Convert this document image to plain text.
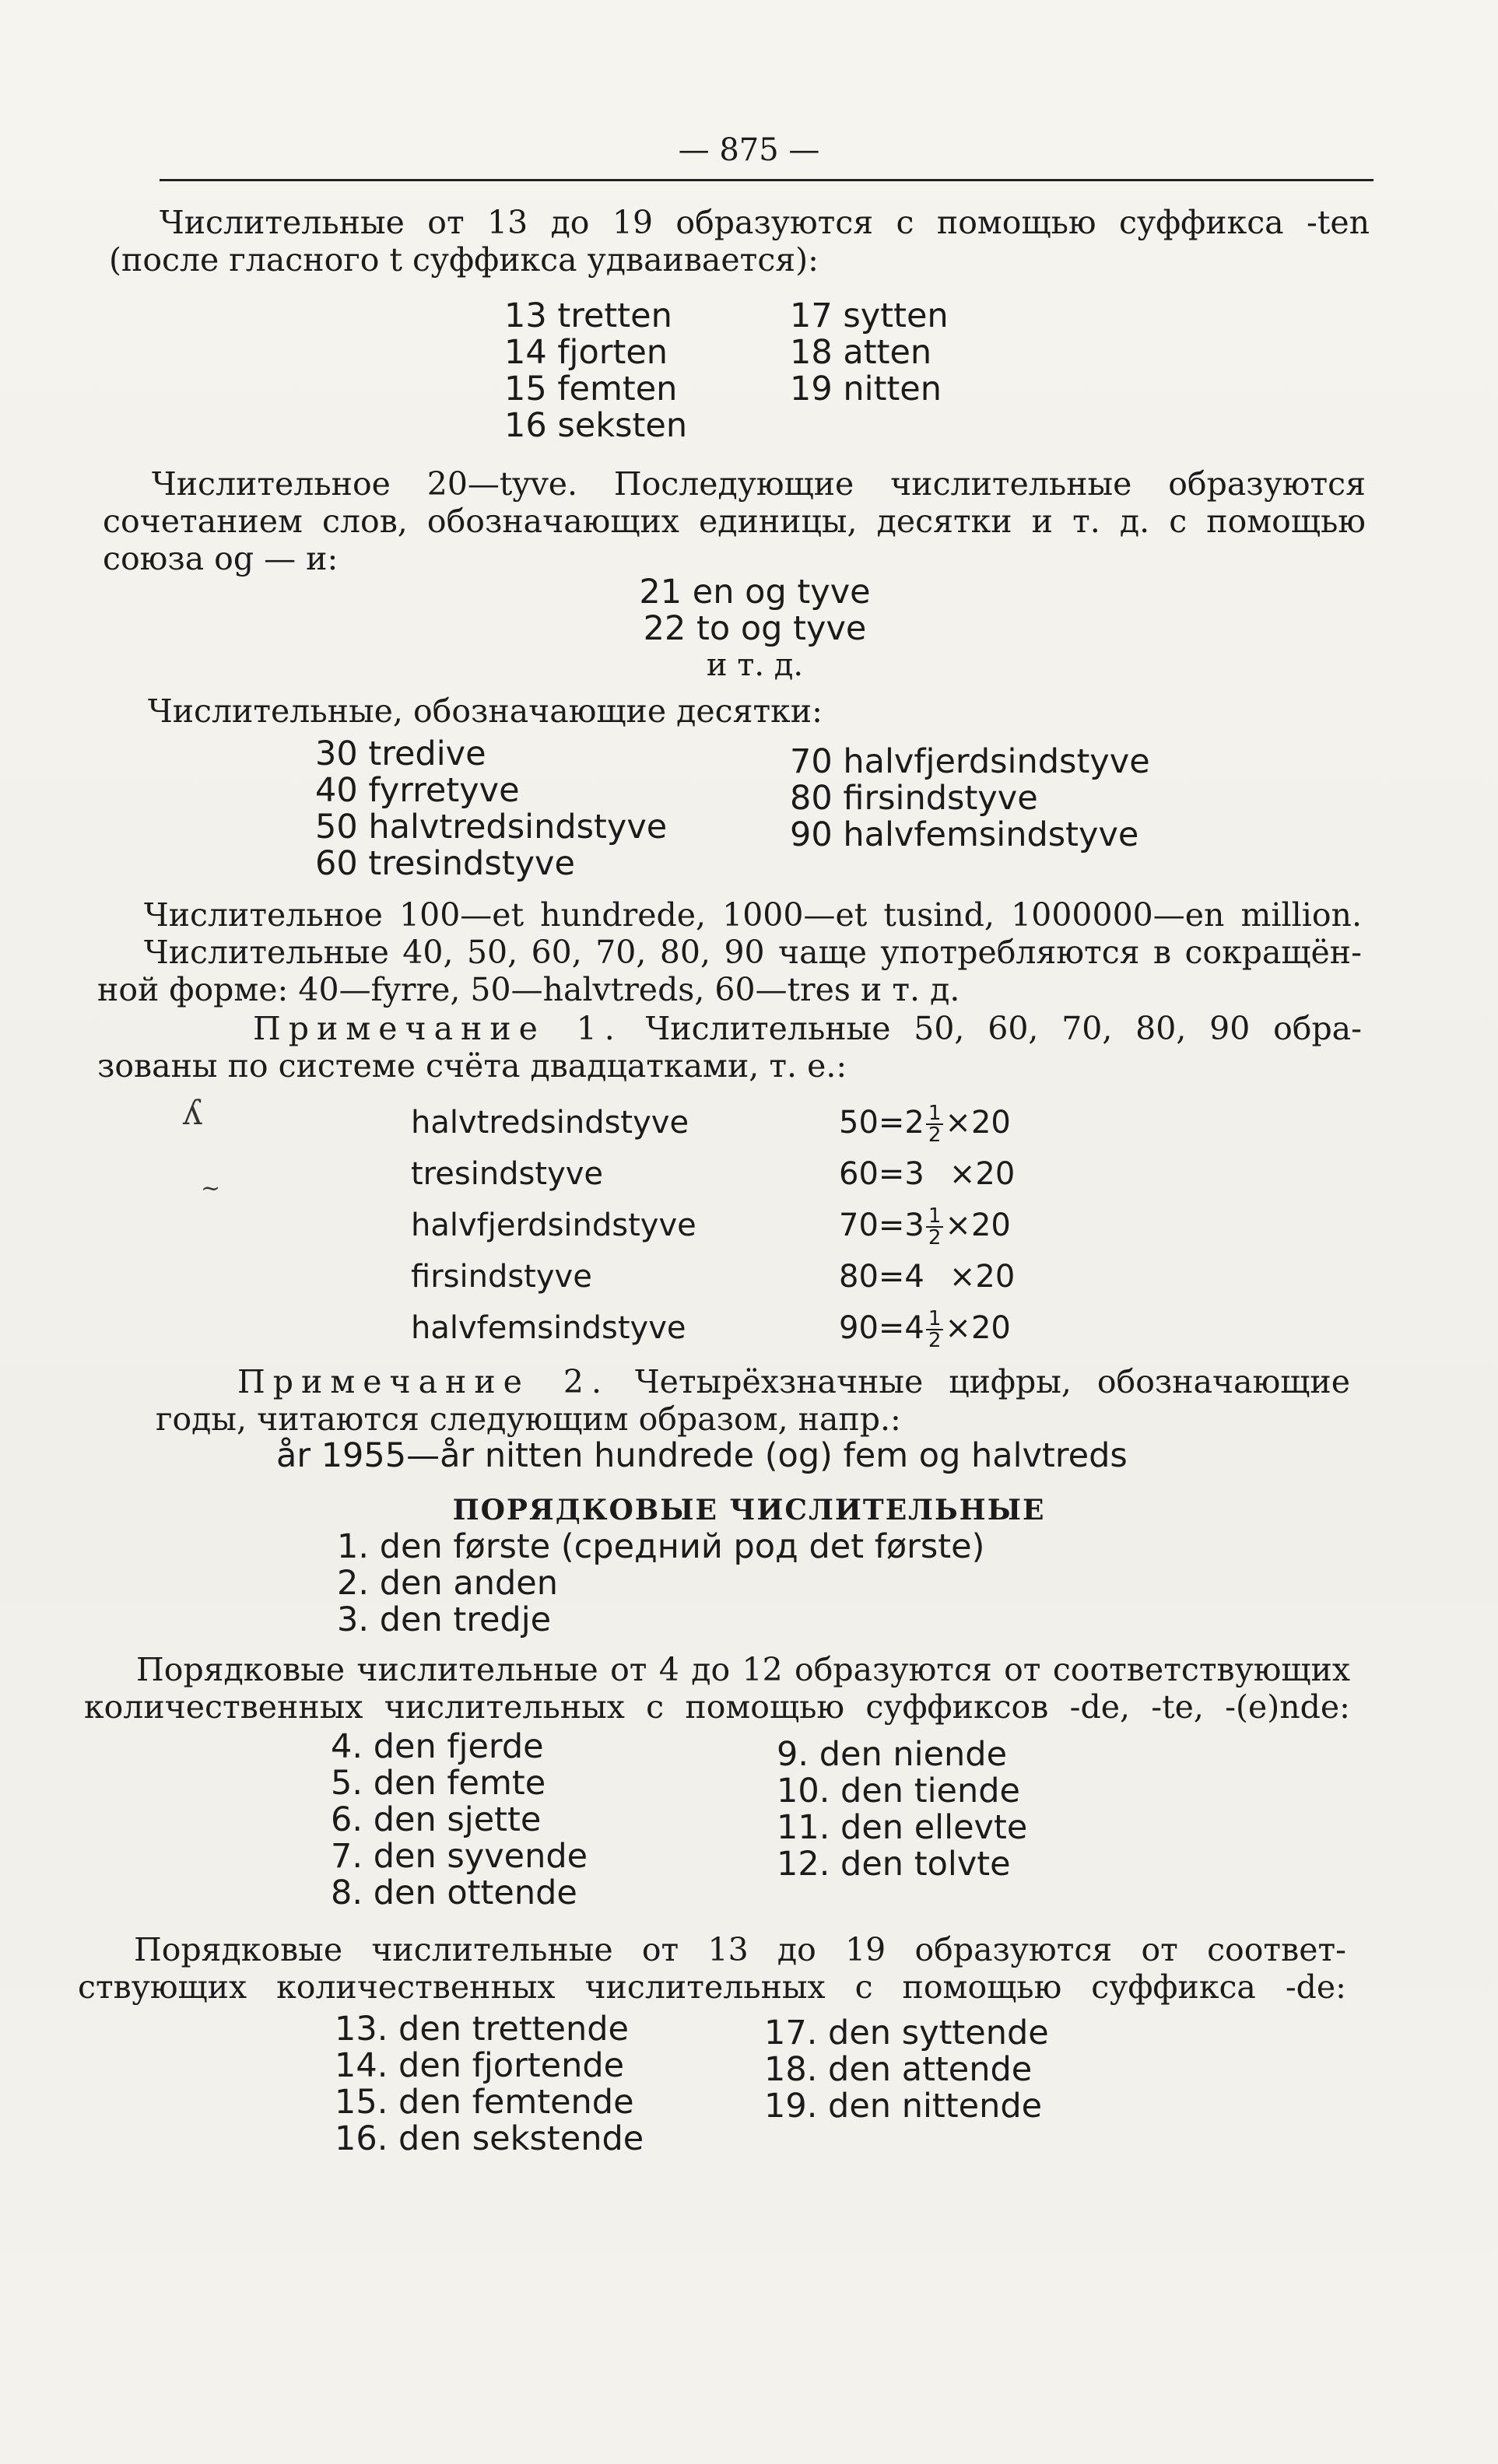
— 875 —
Числительные от 13 до 19 образуются с помощью суффикса -ten
(после гласного t суффикса удваивается):
13 tretten
14 fjorten
15 femten
16 seksten
17 sytten
18 atten
19 nitten
Числительное 20—tyve. Последующие числительные образуются
сочетанием слов, обозначающих единицы, десятки и т. д. с помощью
союза og — и:
21 en og tyve
22 to og tyve
и т. д.
Числительные, обозначающие десятки:
30 tredive
40 fyrretyve
50 halvtredsindstyve
60 tresindstyve
70 halvfjerdsindstyve
80 firsindstyve
90 halvfemsindstyve
Числительное 100—et hundrede, 1000—et tusind, 1000000—en million.
Числительные 40, 50, 60, 70, 80, 90 чаще употребляются в сокращён-
ной форме: 40—fyrre, 50—halvtreds, 60—tres и т. д.
Примечание 1. Числительные 50, 60, 70, 80, 90 обра-
зованы по системе счёта двадцатками, т. е.:
ʎ
~
halvtredsindstyve
tresindstyve
halvfjerdsindstyve
firsindstyve
halvfemsindstyve
$50=2 \frac{1}{2} \times 20$
60=3 ×20
$70=3 \frac{1}{2} \times 20$
80=4 ×20
$90=4 \frac{1}{2} \times 20$
Примечание 2. Четырёхзначные цифры, обозначающие
годы, читаются следующим образом, напр.:
år 1955—år nitten hundrede (og) fem og halvtreds
ПОРЯДКОВЫЕ ЧИСЛИТЕЛЬНЫЕ
1. den første (средний род det første)
2. den anden
3. den tredje
Порядковые числительные от 4 до 12 образуются от соответствующих
количественных числительных с помощью суффиксов -de, -te, -(e)nde:
4. den fjerde
5. den femte
6. den sjette
7. den syvende
8. den ottende
9. den niende
10. den tiende
11. den ellevte
12. den tolvte
Порядковые числительные от 13 до 19 образуются от соответ-
ствующих количественных числительных с помощью суффикса -de:
13. den trettende
14. den fjortende
15. den femtende
16. den sekstende
17. den syttende
18. den attende
19. den nittende
